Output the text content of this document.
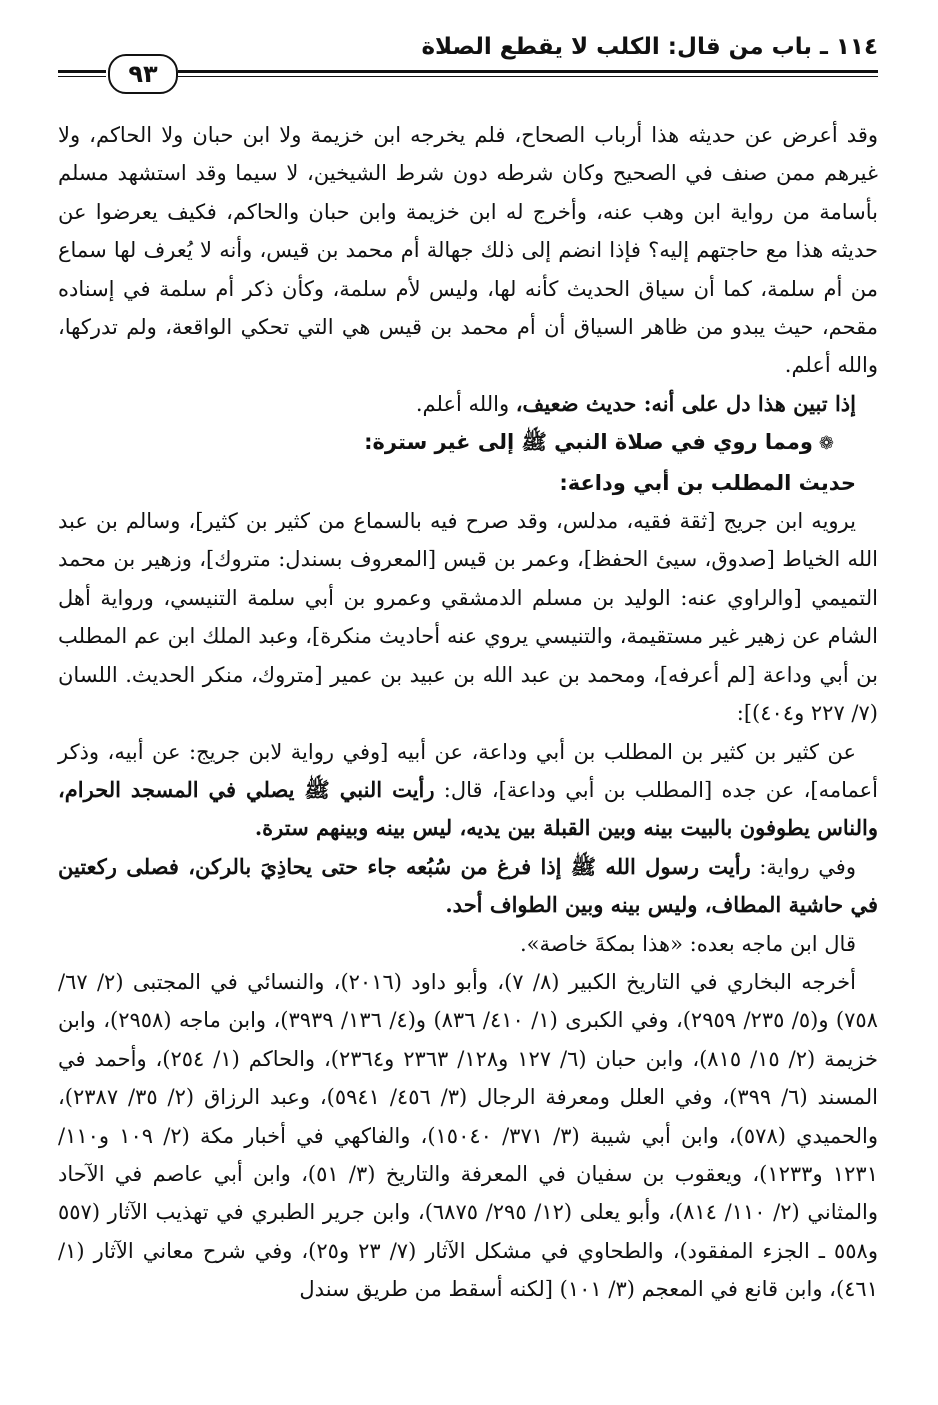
١١٤ ـ باب من قال: الكلب لا يقطع الصلاة
٩٣

وقد أعرض عن حديثه هذا أرباب الصحاح، فلم يخرجه ابن خزيمة ولا ابن حبان ولا الحاكم، ولا غيرهم ممن صنف في الصحيح وكان شرطه دون شرط الشيخين، لا سيما وقد استشهد مسلم بأسامة من رواية ابن وهب عنه، وأخرج له ابن خزيمة وابن حبان والحاكم، فكيف يعرضوا عن حديثه هذا مع حاجتهم إليه؟ فإذا انضم إلى ذلك جهالة أم محمد بن قيس، وأنه لا يُعرف لها سماع من أم سلمة، كما أن سياق الحديث كأنه لها، وليس لأم سلمة، وكأن ذكر أم سلمة في إسناده مقحم، حيث يبدو من ظاهر السياق أن أم محمد بن قيس هي التي تحكي الواقعة، ولم تدركها، والله أعلم.

إذا تبين هذا دل على أنه: حديث ضعيف، والله أعلم.

❁ومما روي في صلاة النبي ﷺ إلى غير سترة:

حديث المطلب بن أبي وداعة:

يرويه ابن جريج [ثقة فقيه، مدلس، وقد صرح فيه بالسماع من كثير بن كثير]، وسالم بن عبد الله الخياط [صدوق، سيئ الحفظ]، وعمر بن قيس [المعروف بسندل: متروك]، وزهير بن محمد التميمي [والراوي عنه: الوليد بن مسلم الدمشقي وعمرو بن أبي سلمة التنيسي، ورواية أهل الشام عن زهير غير مستقيمة، والتنيسي يروي عنه أحاديث منكرة]، وعبد الملك ابن عم المطلب بن أبي وداعة [لم أعرفه]، ومحمد بن عبد الله بن عبيد بن عمير [متروك، منكر الحديث. اللسان (٧/ ٢٢٧ و٤٠٤)]:

عن كثير بن كثير بن المطلب بن أبي وداعة، عن أبيه [وفي رواية لابن جريج: عن أبيه، وذكر أعمامه]، عن جده [المطلب بن أبي وداعة]، قال: رأيت النبي ﷺ يصلي في المسجد الحرام، والناس يطوفون بالبيت بينه وبين القبلة بين يديه، ليس بينه وبينهم سترة.

وفي رواية: رأيت رسول الله ﷺ إذا فرغ من سُبُعه جاء حتى يحاذِيَ بالركن، فصلى ركعتين في حاشية المطاف، وليس بينه وبين الطواف أحد.

قال ابن ماجه بعده: «هذا بمكةَ خاصة».

أخرجه البخاري في التاريخ الكبير (٨/ ٧)، وأبو داود (٢٠١٦)، والنسائي في المجتبى (٢/ ٦٧/ ٧٥٨) و(٥/ ٢٣٥/ ٢٩٥٩)، وفي الكبرى (١/ ٤١٠/ ٨٣٦) و(٤/ ١٣٦/ ٣٩٣٩)، وابن ماجه (٢٩٥٨)، وابن خزيمة (٢/ ١٥/ ٨١٥)، وابن حبان (٦/ ١٢٧ و١٢٨/ ٢٣٦٣ و٢٣٦٤)، والحاكم (١/ ٢٥٤)، وأحمد في المسند (٦/ ٣٩٩)، وفي العلل ومعرفة الرجال (٣/ ٤٥٦/ ٥٩٤١)، وعبد الرزاق (٢/ ٣٥/ ٢٣٨٧)، والحميدي (٥٧٨)، وابن أبي شيبة (٣/ ٣٧١/ ١٥٠٤٠)، والفاكهي في أخبار مكة (٢/ ١٠٩ و١١٠/ ١٢٣١ و١٢٣٣)، ويعقوب بن سفيان في المعرفة والتاريخ (٣/ ٥١)، وابن أبي عاصم في الآحاد والمثاني (٢/ ١١٠/ ٨١٤)، وأبو يعلى (١٢/ ٢٩٥/ ٦٨٧٥)، وابن جرير الطبري في تهذيب الآثار (٥٥٧ و٥٥٨ ـ الجزء المفقود)، والطحاوي في مشكل الآثار (٧/ ٢٣ و٢٥)، وفي شرح معاني الآثار (١/ ٤٦١)، وابن قانع في المعجم (٣/ ١٠١) [لكنه أسقط من طريق سندل
